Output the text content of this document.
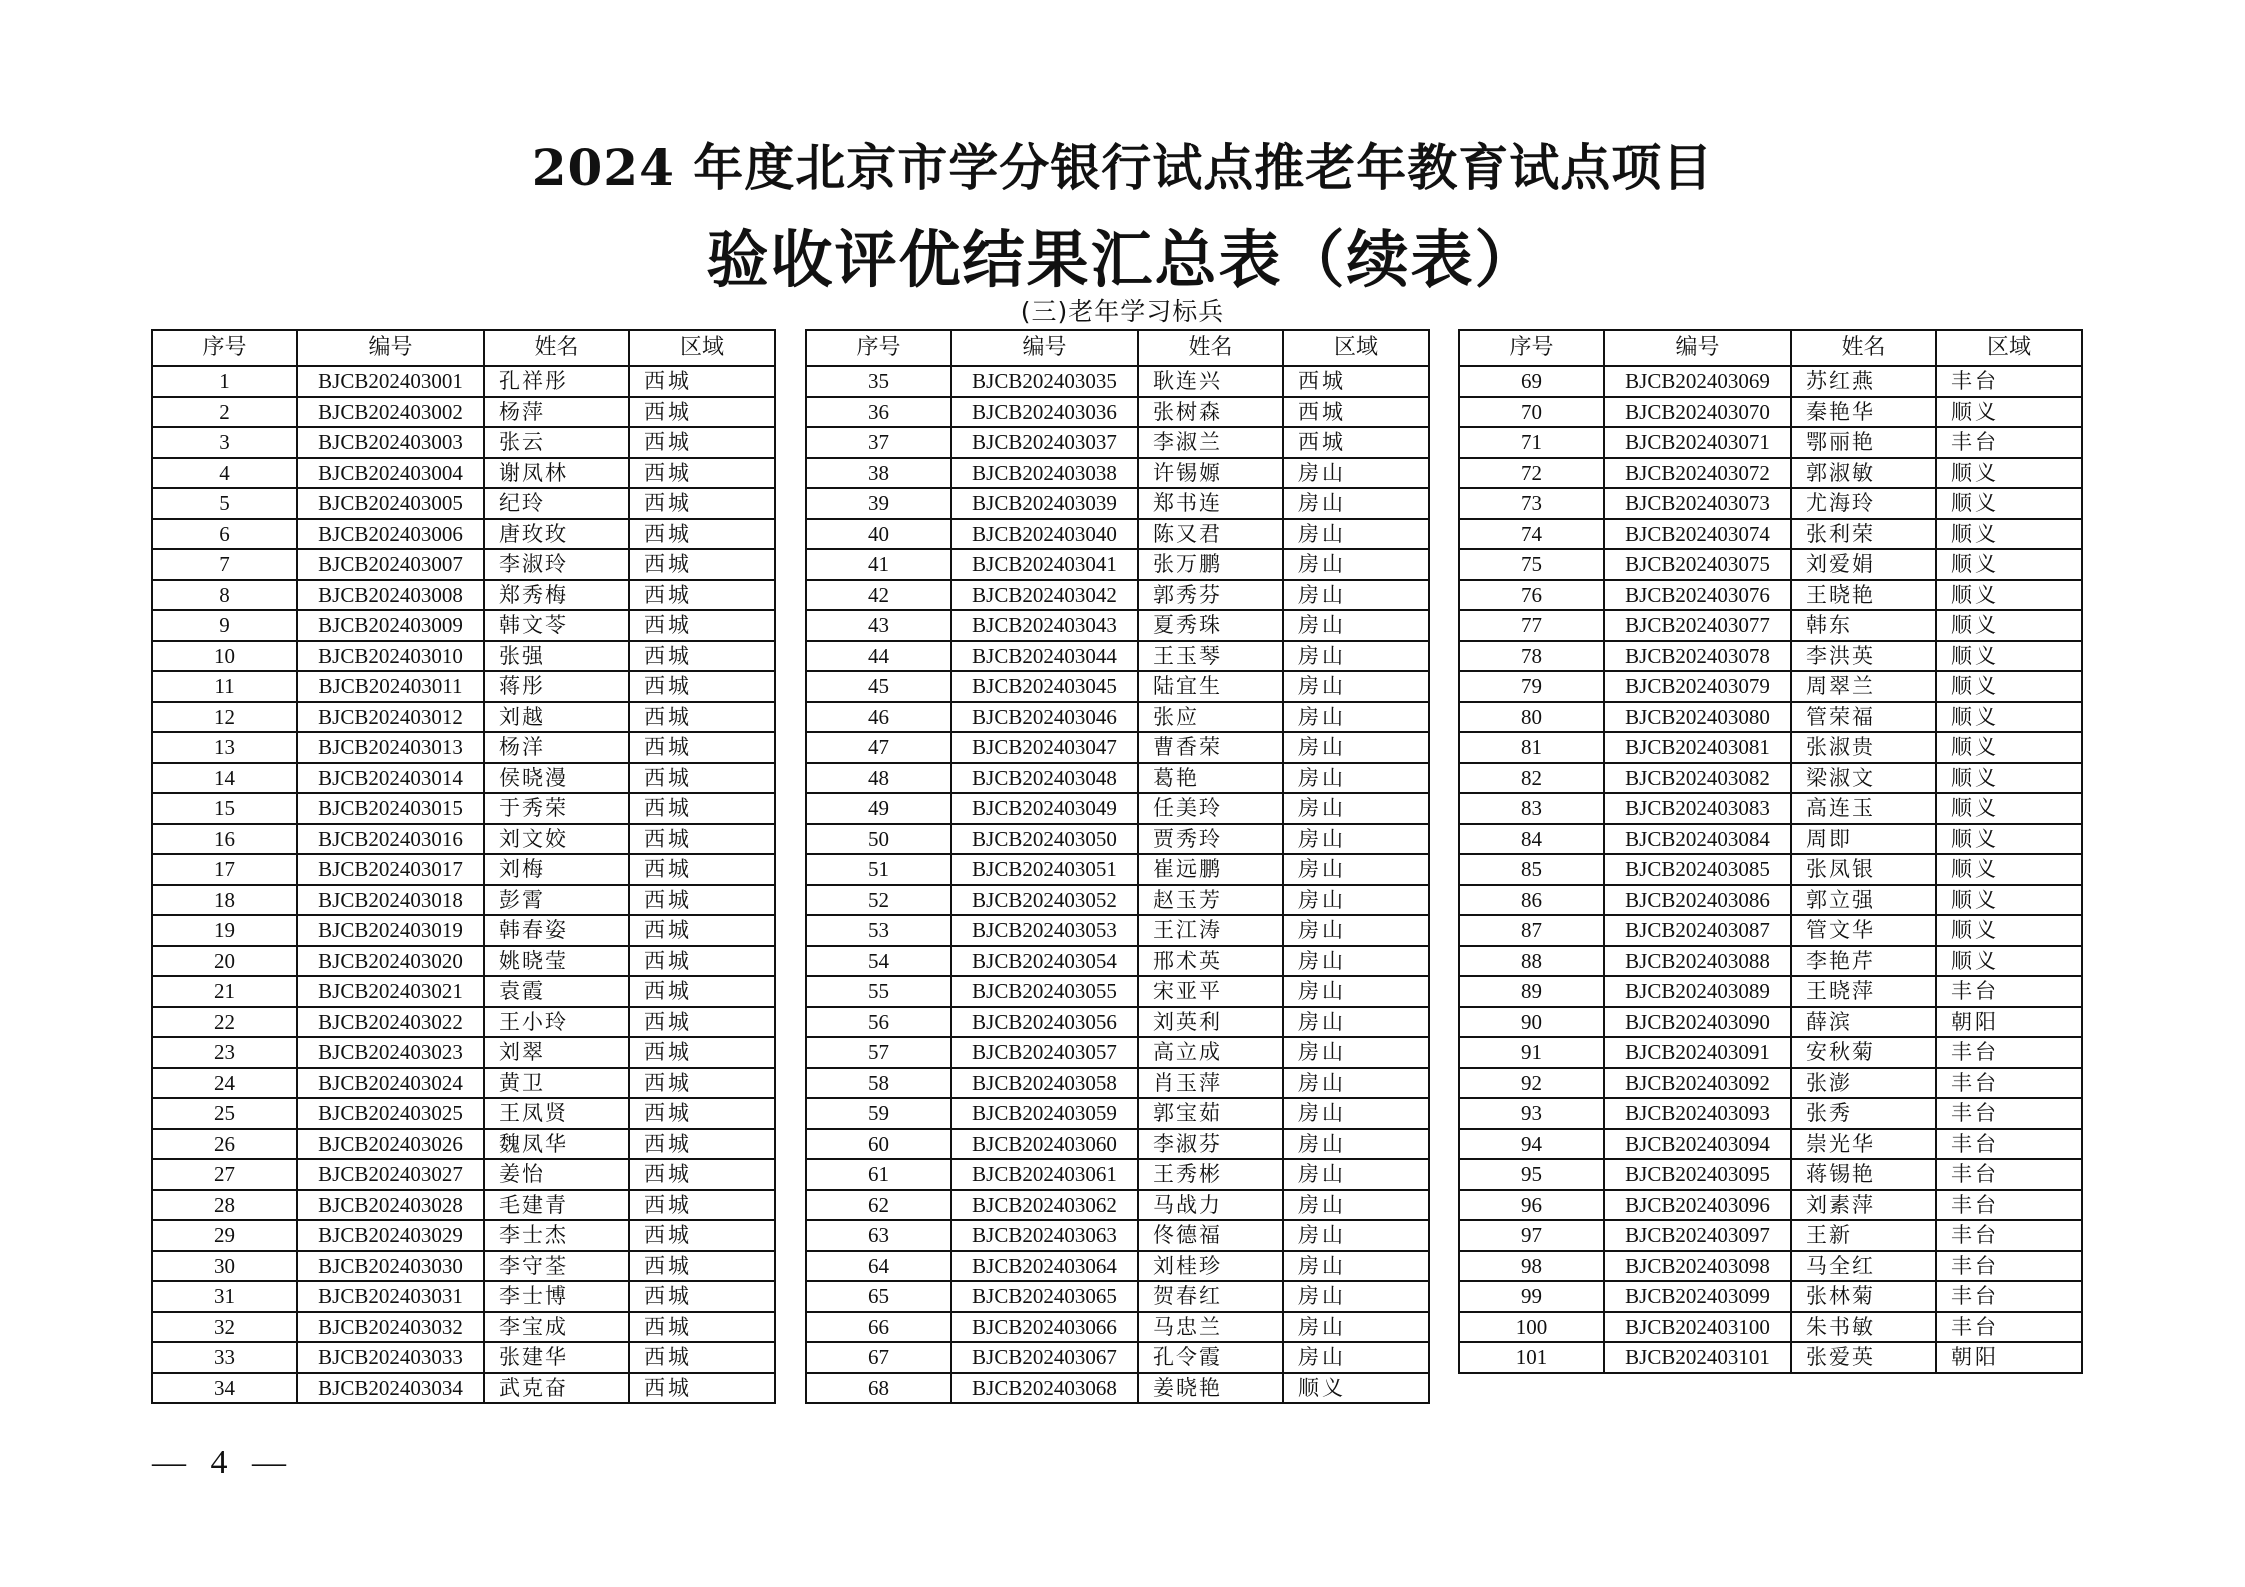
2024 年度北京市学分银行试点推老年教育试点项目
验收评优结果汇总表（续表）
(三)老年学习标兵
序号	编号	姓名	区域
1	BJCB202403001	孔祥彤	西城
2	BJCB202403002	杨萍	西城
3	BJCB202403003	张云	西城
4	BJCB202403004	谢凤林	西城
5	BJCB202403005	纪玲	西城
6	BJCB202403006	唐玫玫	西城
7	BJCB202403007	李淑玲	西城
8	BJCB202403008	郑秀梅	西城
9	BJCB202403009	韩文苓	西城
10	BJCB202403010	张强	西城
11	BJCB202403011	蒋彤	西城
12	BJCB202403012	刘越	西城
13	BJCB202403013	杨洋	西城
14	BJCB202403014	侯晓漫	西城
15	BJCB202403015	于秀荣	西城
16	BJCB202403016	刘文姣	西城
17	BJCB202403017	刘梅	西城
18	BJCB202403018	彭霄	西城
19	BJCB202403019	韩春姿	西城
20	BJCB202403020	姚晓莹	西城
21	BJCB202403021	袁霞	西城
22	BJCB202403022	王小玲	西城
23	BJCB202403023	刘翠	西城
24	BJCB202403024	黄卫	西城
25	BJCB202403025	王凤贤	西城
26	BJCB202403026	魏凤华	西城
27	BJCB202403027	姜怡	西城
28	BJCB202403028	毛建青	西城
29	BJCB202403029	李士杰	西城
30	BJCB202403030	李守荃	西城
31	BJCB202403031	李士博	西城
32	BJCB202403032	李宝成	西城
33	BJCB202403033	张建华	西城
34	BJCB202403034	武克奋	西城
序号	编号	姓名	区域
35	BJCB202403035	耿连兴	西城
36	BJCB202403036	张树森	西城
37	BJCB202403037	李淑兰	西城
38	BJCB202403038	许锡嫄	房山
39	BJCB202403039	郑书连	房山
40	BJCB202403040	陈又君	房山
41	BJCB202403041	张万鹏	房山
42	BJCB202403042	郭秀芬	房山
43	BJCB202403043	夏秀珠	房山
44	BJCB202403044	王玉琴	房山
45	BJCB202403045	陆宜生	房山
46	BJCB202403046	张应	房山
47	BJCB202403047	曹香荣	房山
48	BJCB202403048	葛艳	房山
49	BJCB202403049	任美玲	房山
50	BJCB202403050	贾秀玲	房山
51	BJCB202403051	崔远鹏	房山
52	BJCB202403052	赵玉芳	房山
53	BJCB202403053	王江涛	房山
54	BJCB202403054	邢术英	房山
55	BJCB202403055	宋亚平	房山
56	BJCB202403056	刘英利	房山
57	BJCB202403057	高立成	房山
58	BJCB202403058	肖玉萍	房山
59	BJCB202403059	郭宝茹	房山
60	BJCB202403060	李淑芬	房山
61	BJCB202403061	王秀彬	房山
62	BJCB202403062	马战力	房山
63	BJCB202403063	佟德福	房山
64	BJCB202403064	刘桂珍	房山
65	BJCB202403065	贺春红	房山
66	BJCB202403066	马忠兰	房山
67	BJCB202403067	孔令霞	房山
68	BJCB202403068	姜晓艳	顺义
序号	编号	姓名	区域
69	BJCB202403069	苏红燕	丰台
70	BJCB202403070	秦艳华	顺义
71	BJCB202403071	鄂丽艳	丰台
72	BJCB202403072	郭淑敏	顺义
73	BJCB202403073	尤海玲	顺义
74	BJCB202403074	张利荣	顺义
75	BJCB202403075	刘爱娟	顺义
76	BJCB202403076	王晓艳	顺义
77	BJCB202403077	韩东	顺义
78	BJCB202403078	李洪英	顺义
79	BJCB202403079	周翠兰	顺义
80	BJCB202403080	管荣福	顺义
81	BJCB202403081	张淑贵	顺义
82	BJCB202403082	梁淑文	顺义
83	BJCB202403083	高连玉	顺义
84	BJCB202403084	周即	顺义
85	BJCB202403085	张凤银	顺义
86	BJCB202403086	郭立强	顺义
87	BJCB202403087	管文华	顺义
88	BJCB202403088	李艳芹	顺义
89	BJCB202403089	王晓萍	丰台
90	BJCB202403090	薛滨	朝阳
91	BJCB202403091	安秋菊	丰台
92	BJCB202403092	张澎	丰台
93	BJCB202403093	张秀	丰台
94	BJCB202403094	崇光华	丰台
95	BJCB202403095	蒋锡艳	丰台
96	BJCB202403096	刘素萍	丰台
97	BJCB202403097	王新	丰台
98	BJCB202403098	马全红	丰台
99	BJCB202403099	张林菊	丰台
100	BJCB202403100	朱书敏	丰台
101	BJCB202403101	张爱英	朝阳
— 4 —
